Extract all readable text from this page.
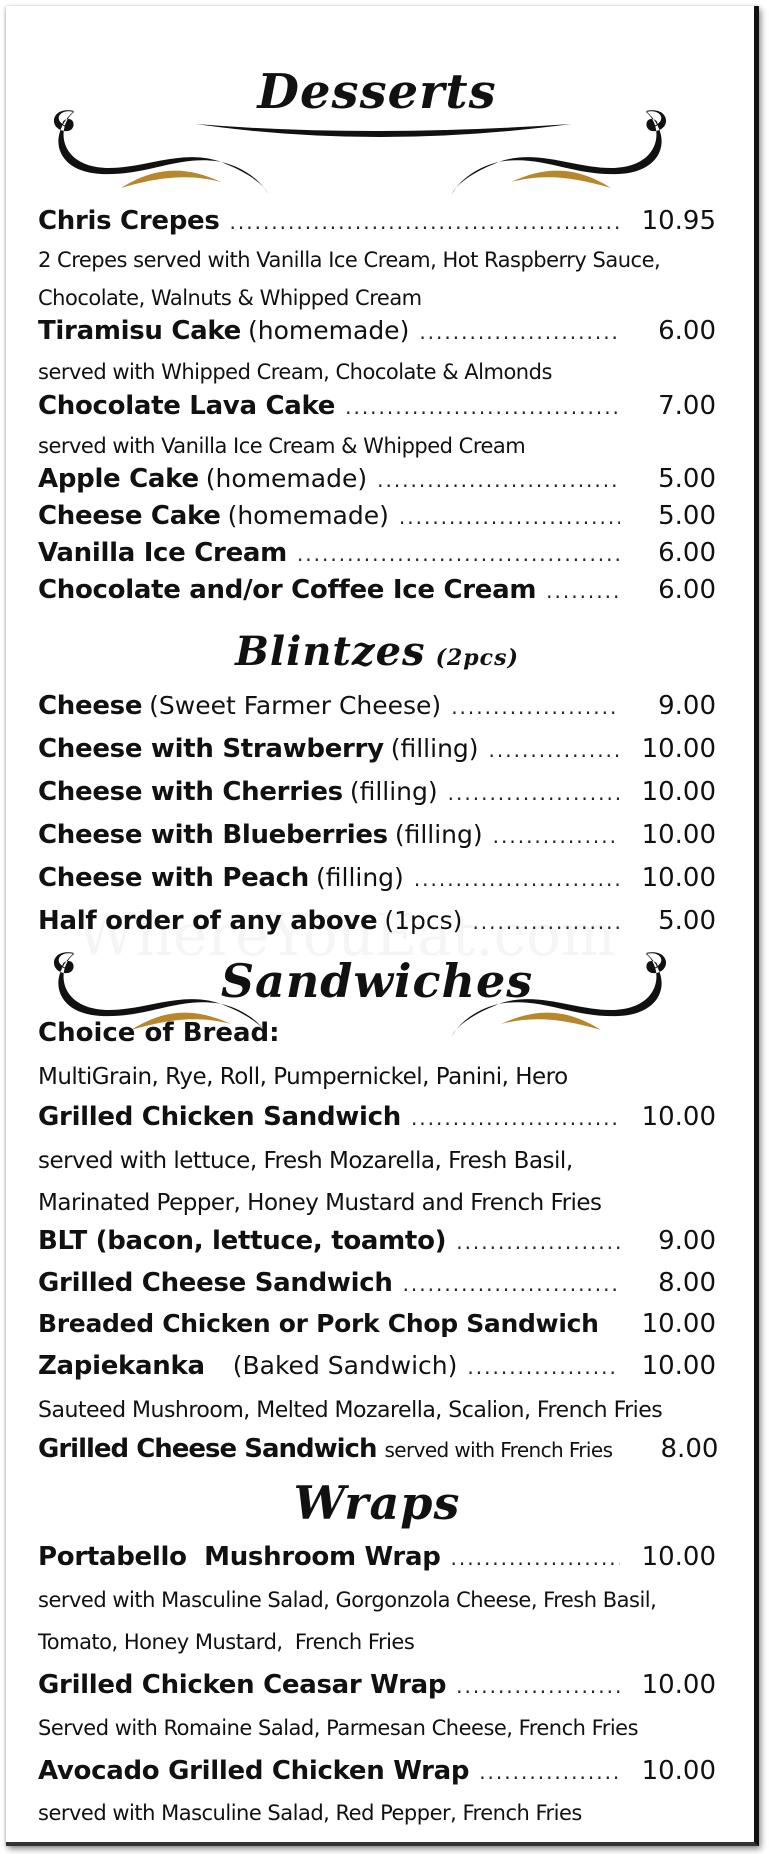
Desserts
Chris Crepes .....	10.95
2 Crepes served with Vanilla Ice Cream, Hot Raspberry Sauce,
Chocolate, Walnuts & Whipped Cream
Tiramisu Cake (homemade) .....	6.00
served with Whipped Cream, Chocolate & Almonds
Chocolate Lava Cake .....	7.00
served with Vanilla Ice Cream & Whipped Cream
Apple Cake (homemade) .....	5.00
Cheese Cake (homemade) .....	5.00
Vanilla Ice Cream .....	6.00
Chocolate and/or Coffee Ice Cream .....	6.00
Blintzes (2pcs)
Cheese (Sweet Farmer Cheese) .....	9.00
Cheese with Strawberry (filling) .....	10.00
Cheese with Cherries (filling) .....	10.00
Cheese with Blueberries (filling) .....	10.00
Cheese with Peach (filling) .....	10.00
Half order of any above (1pcs) .....	5.00
Sandwiches
Choice of Bread:
MultiGrain, Rye, Roll, Pumpernickel, Panini, Hero
Grilled Chicken Sandwich .....	10.00
served with lettuce, Fresh Mozarella, Fresh Basil,
Marinated Pepper, Honey Mustard and French Fries
BLT (bacon, lettuce, toamto) .....	9.00
Grilled Cheese Sandwich .....	8.00
Breaded Chicken or Pork Chop Sandwich	10.00
Zapiekanka (Baked Sandwich) .....	10.00
Sauteed Mushroom, Melted Mozarella, Scalion, French Fries
Grilled Cheese Sandwich served with French Fries	8.00
Wraps
Portabello  Mushroom Wrap .....	10.00
served with Masculine Salad, Gorgonzola Cheese, Fresh Basil,
Tomato, Honey Mustard,  French Fries
Grilled Chicken Ceasar Wrap .....	10.00
Served with Romaine Salad, Parmesan Cheese, French Fries
Avocado Grilled Chicken Wrap .....	10.00
served with Masculine Salad, Red Pepper, French Fries
